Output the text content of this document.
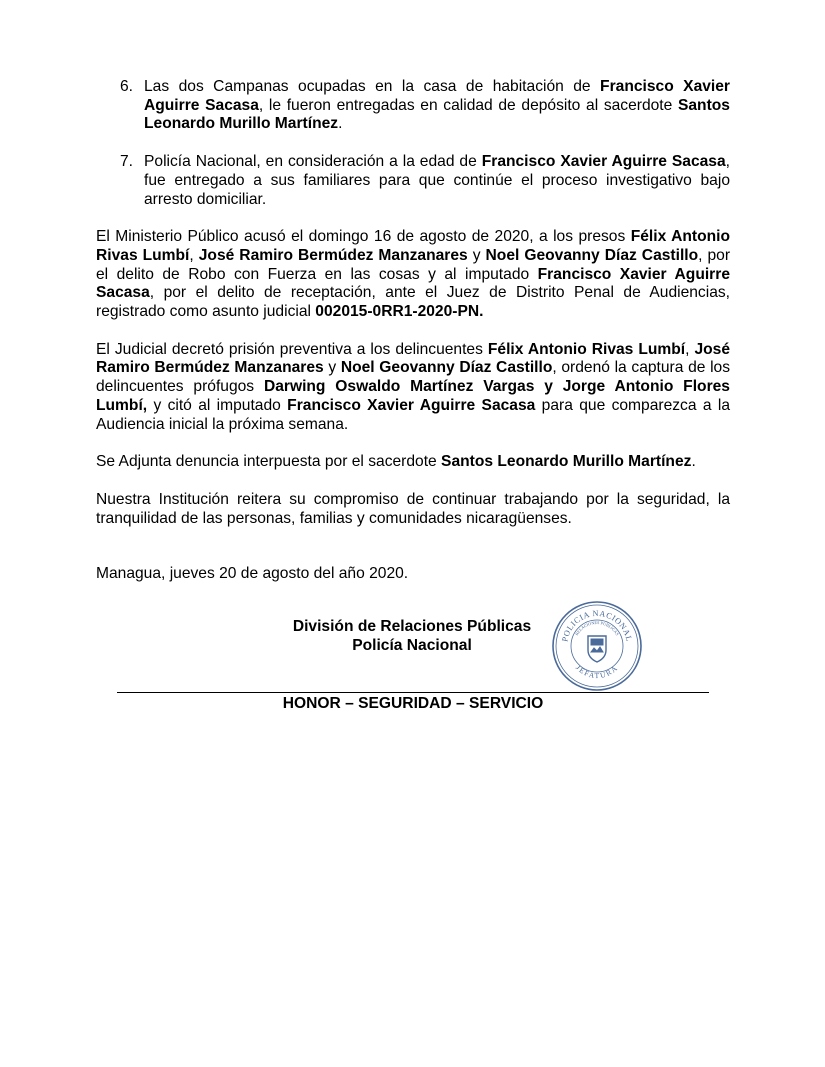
6. Las dos Campanas ocupadas en la casa de habitación de Francisco Xavier Aguirre Sacasa, le fueron entregadas en calidad de depósito al sacerdote Santos Leonardo Murillo Martínez.
7. Policía Nacional, en consideración a la edad de Francisco Xavier Aguirre Sacasa, fue entregado a sus familiares para que continúe el proceso investigativo bajo arresto domiciliar.

El Ministerio Público acusó el domingo 16 de agosto de 2020, a los presos Félix Antonio Rivas Lumbí, José Ramiro Bermúdez Manzanares y Noel Geovanny Díaz Castillo, por el delito de Robo con Fuerza en las cosas y al imputado Francisco Xavier Aguirre Sacasa, por el delito de receptación, ante el Juez de Distrito Penal de Audiencias, registrado como asunto judicial 002015-0RR1-2020-PN.

El Judicial decretó prisión preventiva a los delincuentes Félix Antonio Rivas Lumbí, José Ramiro Bermúdez Manzanares y Noel Geovanny Díaz Castillo, ordenó la captura de los delincuentes prófugos Darwing Oswaldo Martínez Vargas y Jorge Antonio Flores Lumbí, y citó al imputado Francisco Xavier Aguirre Sacasa para que comparezca a la Audiencia inicial la próxima semana.

Se Adjunta denuncia interpuesta por el sacerdote Santos Leonardo Murillo Martínez.

Nuestra Institución reitera su compromiso de continuar trabajando por la seguridad, la tranquilidad de las personas, familias y comunidades nicaragüenses.

Managua, jueves 20 de agosto del año 2020.

División de Relaciones Públicas
Policía Nacional	POLICIA NACIONAL
RELACIONES PUBLICAS
JEFATURA
HONOR – SEGURIDAD – SERVICIO
